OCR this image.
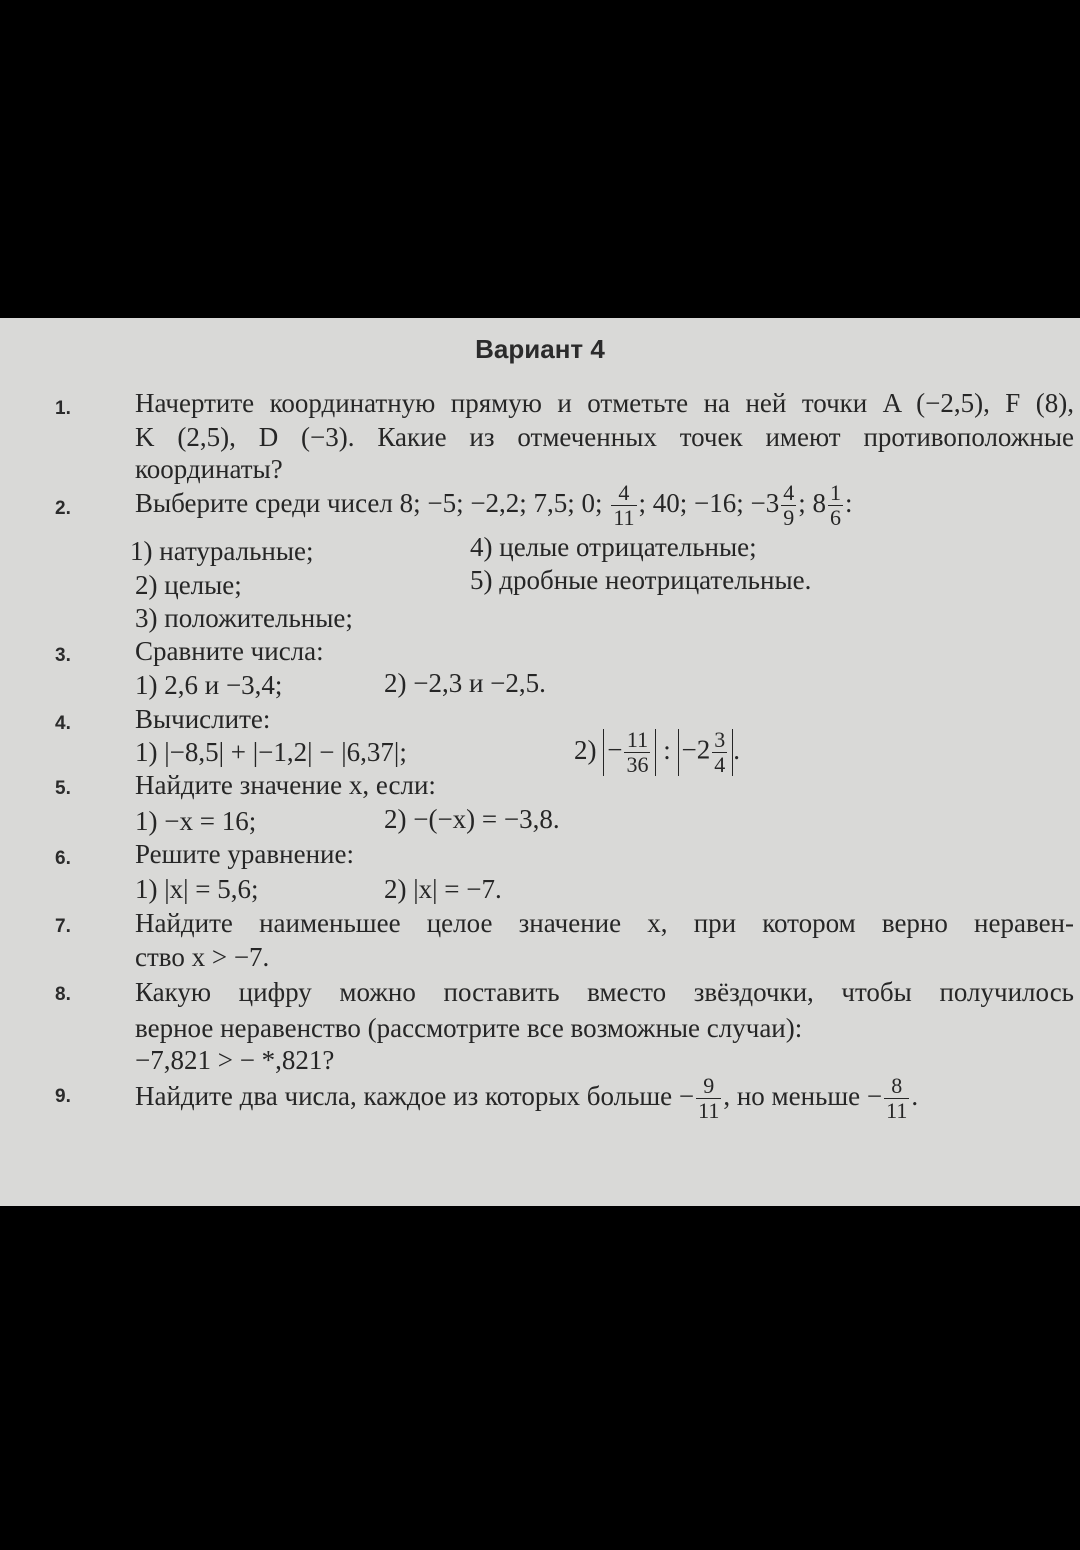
Вариант 4
1.	Начертите координатную прямую и отметьте на ней точки A (−2,5), F (8),
K (2,5), D (−3). Какие из отмеченных точек имеют противоположные
координаты?
2.	Выберите среди чисел 8; −5; −2,2; 7,5; 0; $\frac{4}{11}$ ; 40; −16; $-3 \frac{4}{9}$ ; $8 \frac{1}{6}$ :
1) натуральные;
2) целые;
3) положительные;
4) целые отрицательные;
5) дробные неотрицательные.
3.	Сравните числа:
1) 2,6 и −3,4;	2) −2,3 и −2,5.
4.	Вычислите:
1) |−8,5| + |−1,2| − |6,37|;	$2) - \frac{11}{36}$ : $-2 \frac{3}{4}$ .
5.	Найдите значение x, если:
1) −x = 16;	2) −(−x) = −3,8.
6.	Решите уравнение:
1) |x| = 5,6;	2) |x| = −7.
7.	Найдите наименьшее целое значение x, при котором верно неравен-
ство x > −7.
8.	Какую цифру можно поставить вместо звёздочки, чтобы получилось
верное неравенство (рассмотрите все возможные случаи):
−7,821 > − *,821?
9.	Найдите два числа, каждое из которых больше − $\frac{9}{11}$ , но меньше − $\frac{8}{11}$ .
